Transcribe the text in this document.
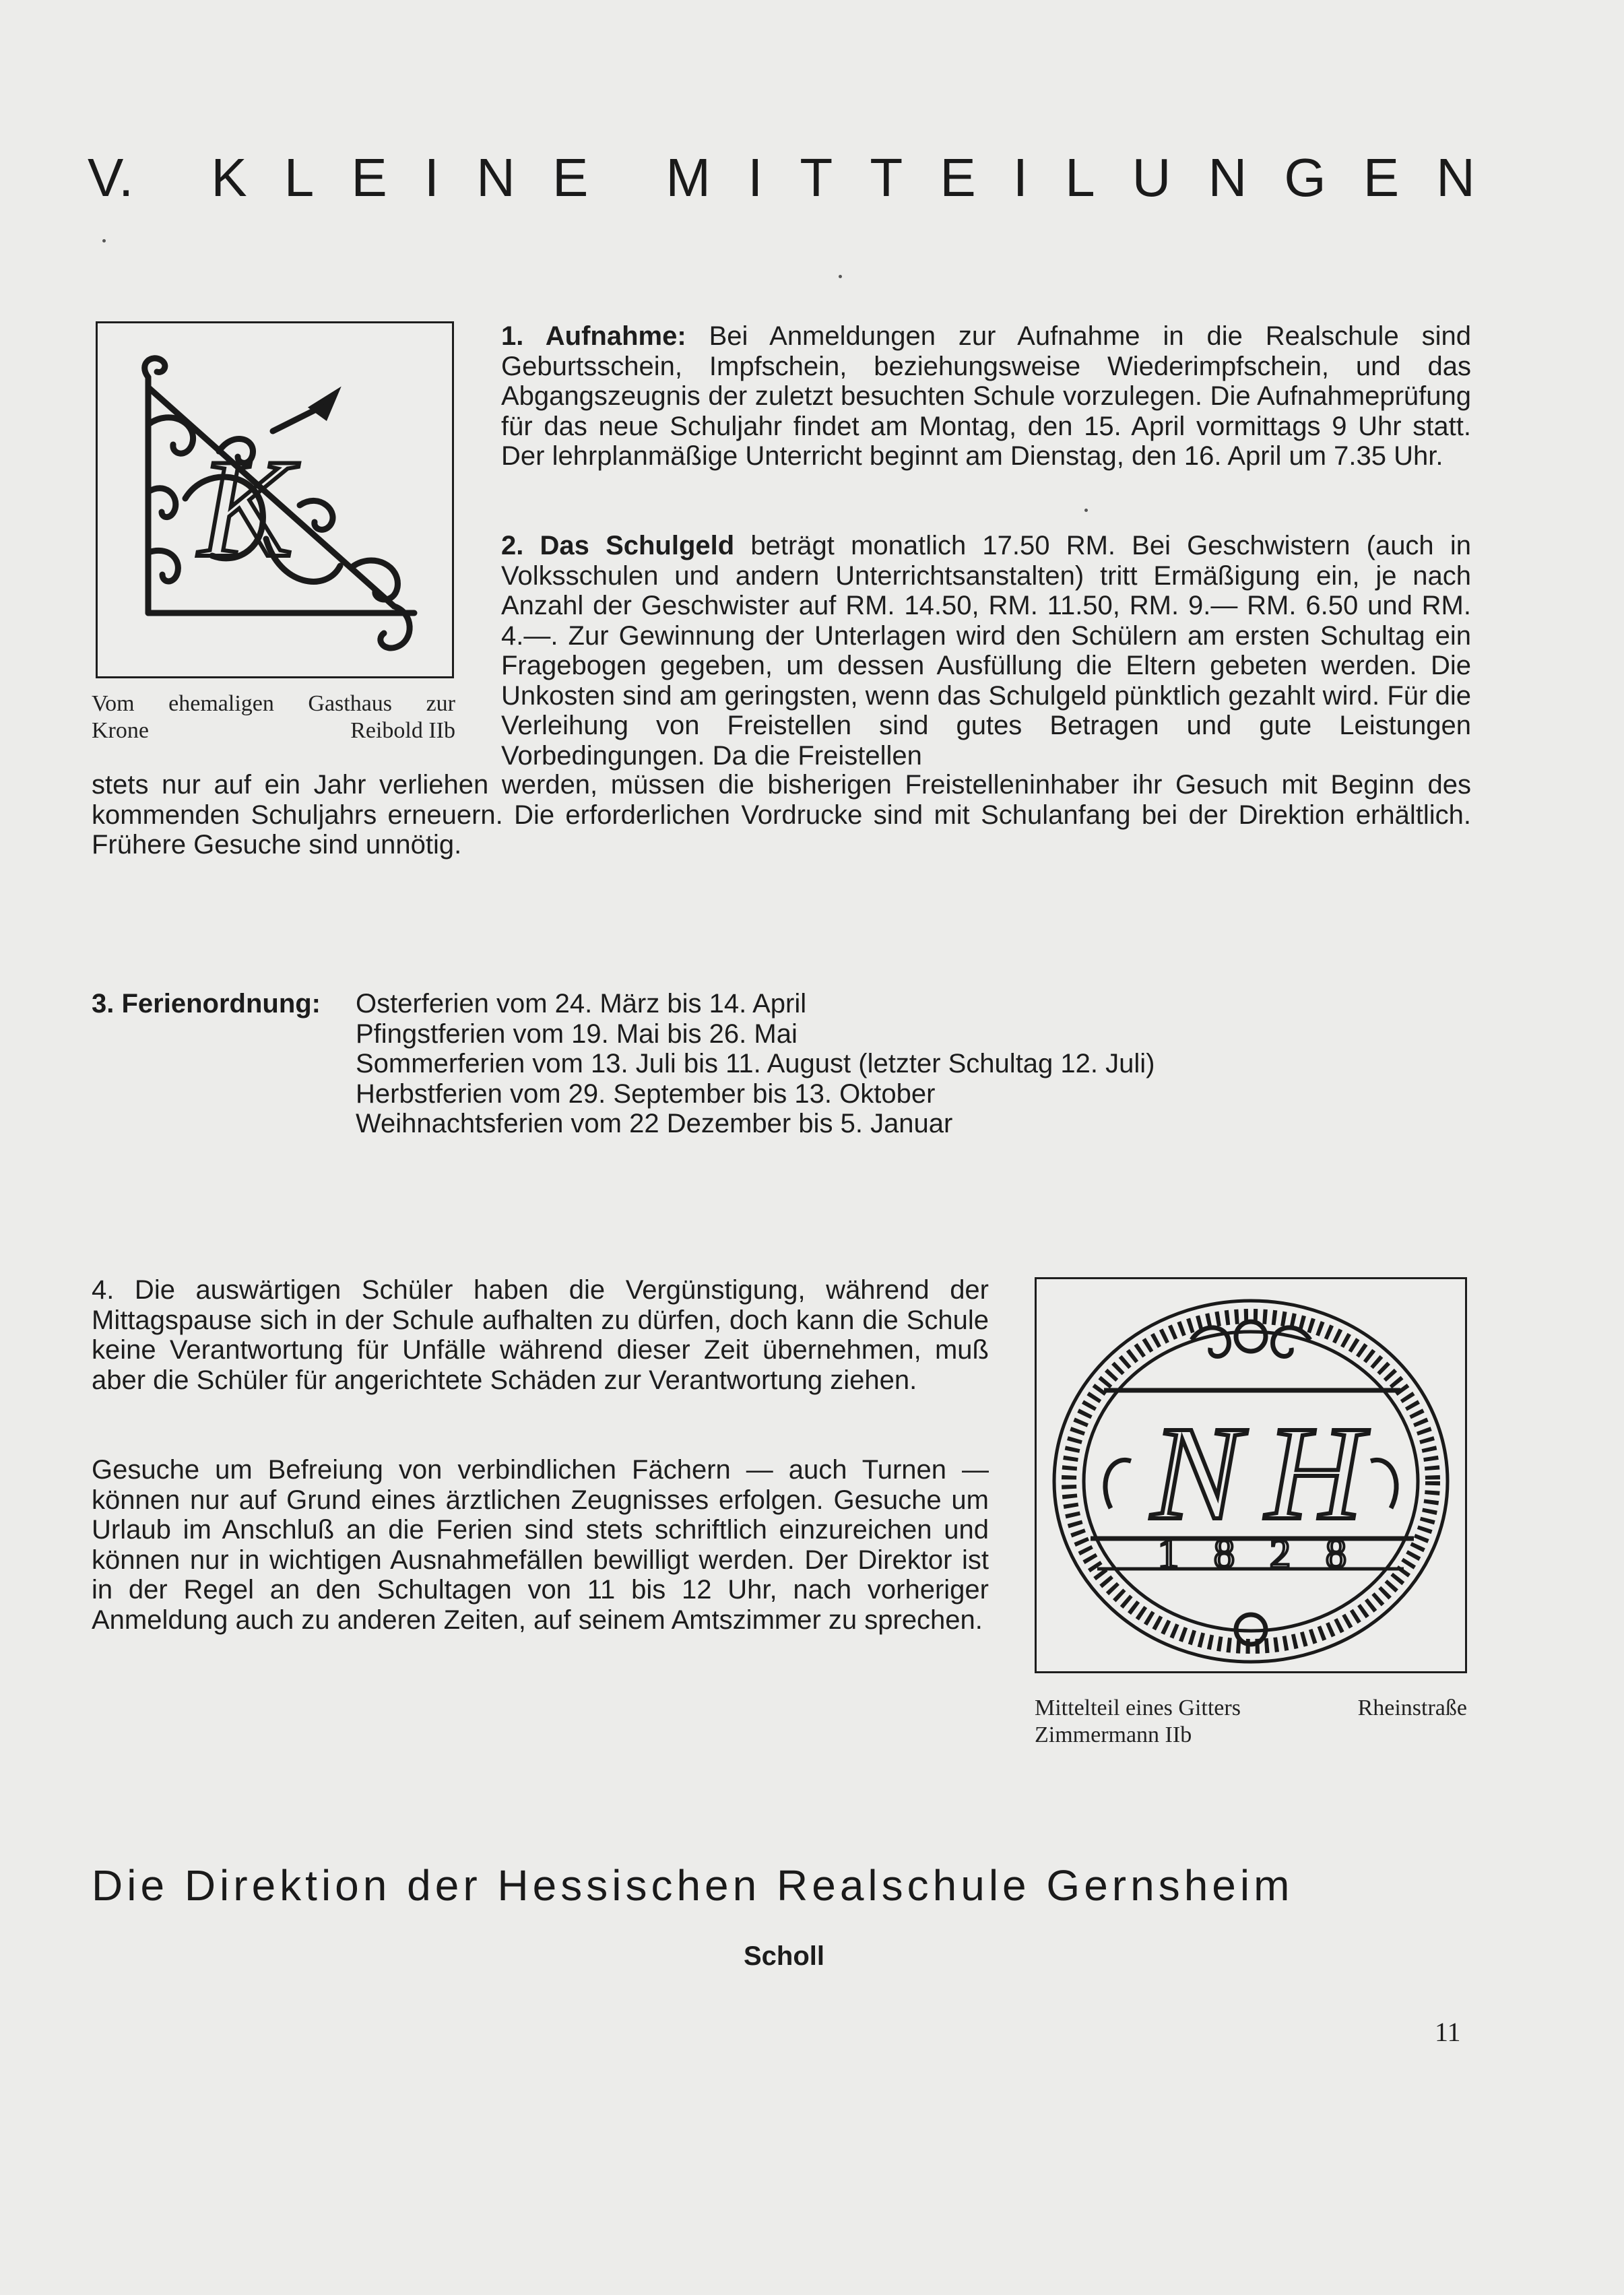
V. K L E I N E M I T T E I L U N G E N
K
Vom ehemaligen Gasthaus zur
Krone	Reibold IIb
1. Aufnahme: Bei Anmeldungen zur Aufnahme in die Realschule sind Geburtsschein, Impfschein, beziehungsweise Wiederimpfschein, und das Abgangszeugnis der zuletzt besuchten Schule vorzulegen. Die Aufnahmeprüfung für das neue Schuljahr findet am Montag, den 15. April vormittags 9 Uhr statt. Der lehrplanmäßige Unterricht beginnt am Dienstag, den 16. April um 7.35 Uhr.
2. Das Schulgeld beträgt monatlich 17.50 RM. Bei Geschwistern (auch in Volksschulen und andern Unterrichtsanstalten) tritt Ermäßigung ein, je nach Anzahl der Geschwister auf RM. 14.50, RM. 11.50, RM. 9.— RM. 6.50 und RM. 4.—. Zur Gewinnung der Unterlagen wird den Schülern am ersten Schultag ein Fragebogen gegeben, um dessen Ausfüllung die Eltern gebeten werden. Die Unkosten sind am geringsten, wenn das Schulgeld pünktlich gezahlt wird. Für die Verleihung von Freistellen sind gutes Betragen und gute Leistungen Vorbedingungen. Da die Freistellen
stets nur auf ein Jahr verliehen werden, müssen die bisherigen Freistelleninhaber ihr Gesuch mit Beginn des kommenden Schuljahrs erneuern. Die erforderlichen Vordrucke sind mit Schulanfang bei der Direktion erhältlich. Frühere Gesuche sind unnötig.
3. Ferienordnung: Osterferien vom 24. März bis 14. April
Pfingstferien vom 19. Mai bis 26. Mai
Sommerferien vom 13. Juli bis 11. August (letzter Schultag 12. Juli)
Herbstferien vom 29. September bis 13. Oktober
Weihnachtsferien vom 22 Dezember bis 5. Januar
4. Die auswärtigen Schüler haben die Vergünstigung, während der Mittagspause sich in der Schule aufhalten zu dürfen, doch kann die Schule keine Verantwortung für Unfälle während dieser Zeit übernehmen, muß aber die Schüler für angerichtete Schäden zur Verantwortung ziehen.
Gesuche um Befreiung von verbindlichen Fächern — auch Turnen — können nur auf Grund eines ärztlichen Zeugnisses erfolgen. Gesuche um Urlaub im Anschluß an die Ferien sind stets schriftlich einzureichen und können nur in wichtigen Ausnahmefällen bewilligt werden. Der Direktor ist in der Regel an den Schultagen von 11 bis 12 Uhr, nach vorheriger Anmeldung auch zu anderen Zeiten, auf seinem Amtszimmer zu sprechen.
N H
1828
Mittelteil eines Gitters	Rheinstraße
Zimmermann IIb
Die Direktion der Hessischen Realschule Gernsheim
Scholl
11
